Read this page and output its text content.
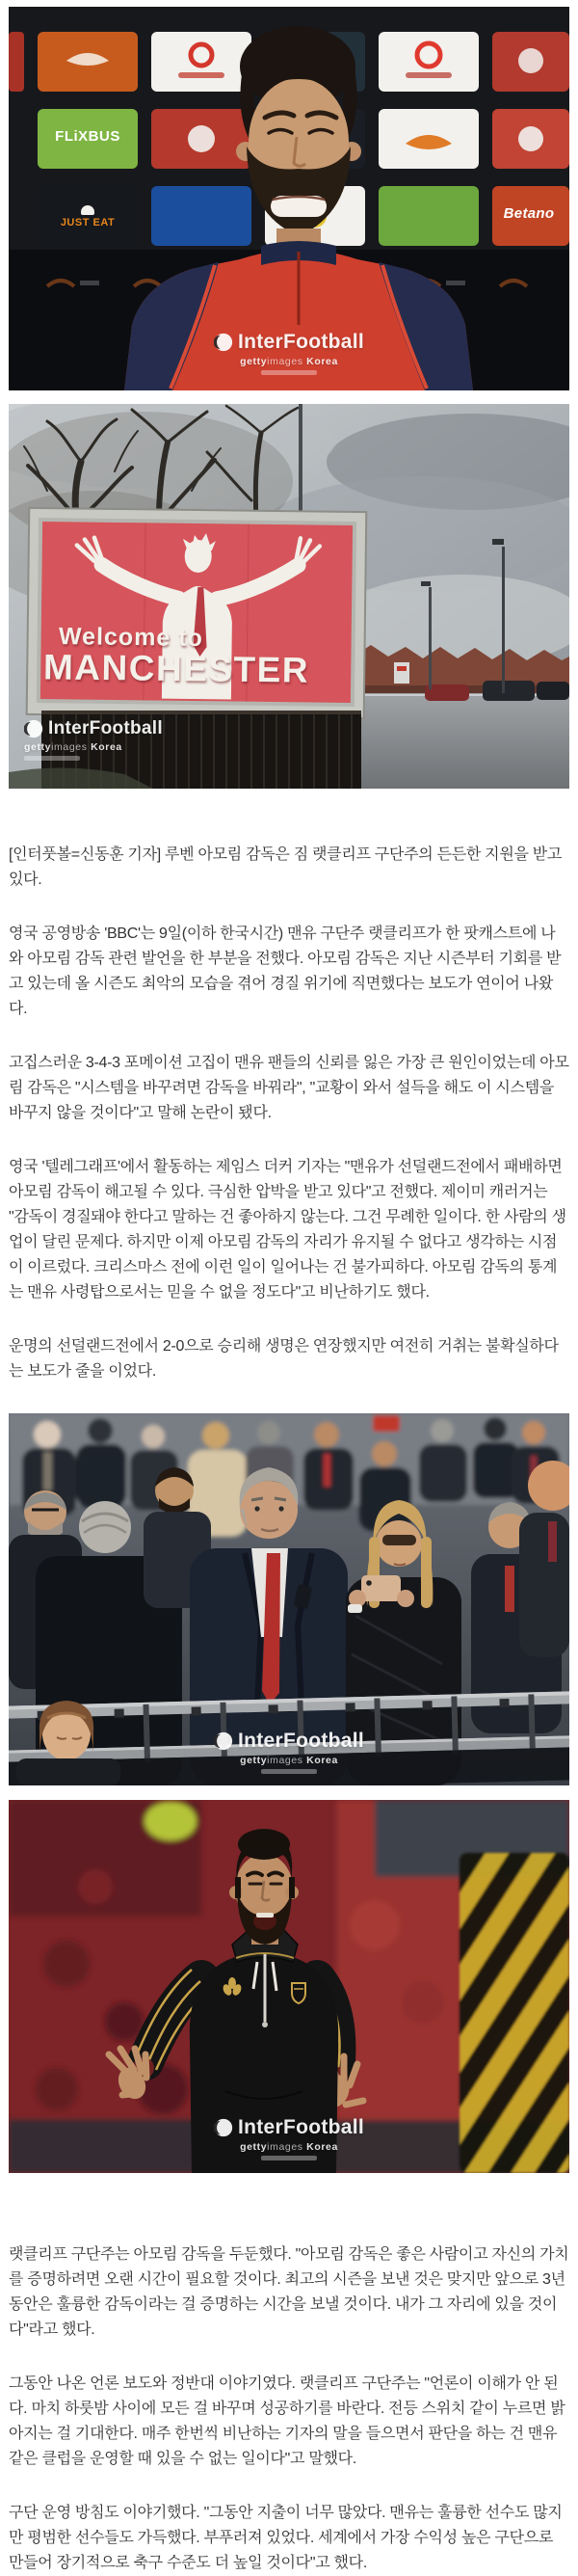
FLiXBUS
JUST EAT
Betano
InterFootball
gettyimages Korea
Welcome to
MANCHESTER
InterFootball
gettyimages Korea

[인터풋볼=신동훈 기자] 루벤 아모림 감독은 짐 랫클리프 구단주의 든든한 지원을 받고 있다.

영국 공영방송 'BBC'는 9일(이하 한국시간) 맨유 구단주 랫클리프가 한 팟캐스트에 나와 아모림 감독 관련 발언을 한 부분을 전했다. 아모림 감독은 지난 시즌부터 기회를 받고 있는데 올 시즌도 최악의 모습을 겪어 경질 위기에 직면했다는 보도가 연이어 나왔다.

고집스러운 3-4-3 포메이션 고집이 맨유 팬들의 신뢰를 잃은 가장 큰 원인이었는데 아모림 감독은 "시스템을 바꾸려면 감독을 바꿔라", "교황이 와서 설득을 해도 이 시스템을 바꾸지 않을 것이다"고 말해 논란이 됐다.

영국 '텔레그래프'에서 활동하는 제임스 더커 기자는 "맨유가 선덜랜드전에서 패배하면 아모림 감독이 해고될 수 있다. 극심한 압박을 받고 있다"고 전했다. 제이미 캐러거는 "감독이 경질돼야 한다고 말하는 건 좋아하지 않는다. 그건 무례한 일이다. 한 사람의 생업이 달린 문제다. 하지만 이제 아모림 감독의 자리가 유지될 수 없다고 생각하는 시점이 이르렀다. 크리스마스 전에 이런 일이 일어나는 건 불가피하다. 아모림 감독의 통계는 맨유 사령탑으로서는 믿을 수 없을 정도다"고 비난하기도 했다.

운명의 선덜랜드전에서 2-0으로 승리해 생명은 연장했지만 여전히 거취는 불확실하다는 보도가 줄을 이었다.

InterFootball
gettyimages Korea
InterFootball
gettyimages Korea

랫클리프 구단주는 아모림 감독을 두둔했다. "아모림 감독은 좋은 사람이고 자신의 가치를 증명하려면 오랜 시간이 필요할 것이다. 최고의 시즌을 보낸 것은 맞지만 앞으로 3년 동안은 훌륭한 감독이라는 걸 증명하는 시간을 보낼 것이다. 내가 그 자리에 있을 것이다"라고 했다.

그동안 나온 언론 보도와 정반대 이야기였다. 랫클리프 구단주는 "언론이 이해가 안 된다. 마치 하룻밤 사이에 모든 걸 바꾸며 성공하기를 바란다. 전등 스위치 같이 누르면 밝아지는 걸 기대한다. 매주 한번씩 비난하는 기자의 말을 들으면서 판단을 하는 건 맨유 같은 클럽을 운영할 때 있을 수 없는 일이다"고 말했다.

구단 운영 방침도 이야기했다. "그동안 지출이 너무 많았다. 맨유는 훌륭한 선수도 많지만 평범한 선수들도 가득했다. 부푸러져 있었다. 세계에서 가장 수익성 높은 구단으로 만들어 장기적으로 축구 수준도 더 높일 것이다"고 했다.
